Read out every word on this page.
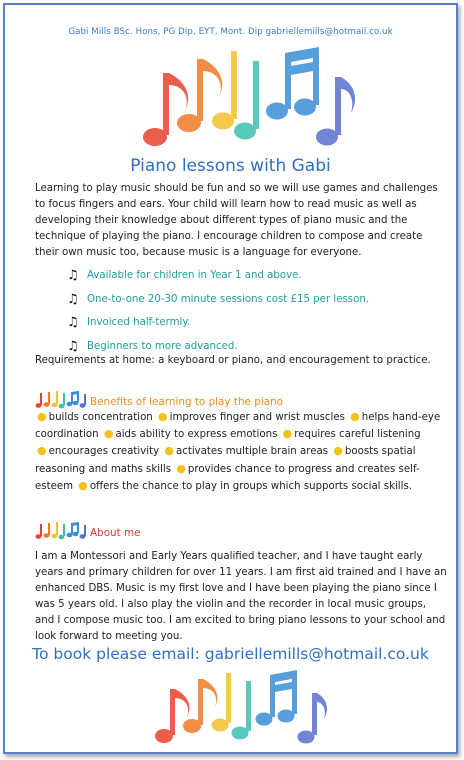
Gabi Mills BSc. Hons, PG Dip, EYT, Mont. Dip gabriellemills@hotmail.co.uk
Piano lessons with Gabi
Learning to play music should be fun and so we will use games and challenges to focus fingers and ears. Your child will learn how to read music as well as developing their knowledge about different types of piano music and the technique of playing the piano. I encourage children to compose and create their own music too, because music is a language for everyone.
♫ Available for children in Year 1 and above.
♫ One-to-one 20-30 minute sessions cost £15 per lesson.
♫ Invoiced half-termly.
♫ Beginners to more advanced.
Requirements at home: a keyboard or piano, and encouragement to practice.
Benefits of learning to play the piano
● builds concentration ● improves finger and wrist muscles ● helps hand-eye coordination ● aids ability to express emotions ● requires careful listening ● encourages creativity ● activates multiple brain areas ● boosts spatial reasoning and maths skills ● provides chance to progress and creates self-esteem ● offers the chance to play in groups which supports social skills.
About me
I am a Montessori and Early Years qualified teacher, and I have taught early years and primary children for over 11 years. I am first aid trained and I have an enhanced DBS. Music is my first love and I have been playing the piano since I was 5 years old. I also play the violin and the recorder in local music groups, and I compose music too. I am excited to bring piano lessons to your school and look forward to meeting you.
To book please email: gabriellemills@hotmail.co.uk
